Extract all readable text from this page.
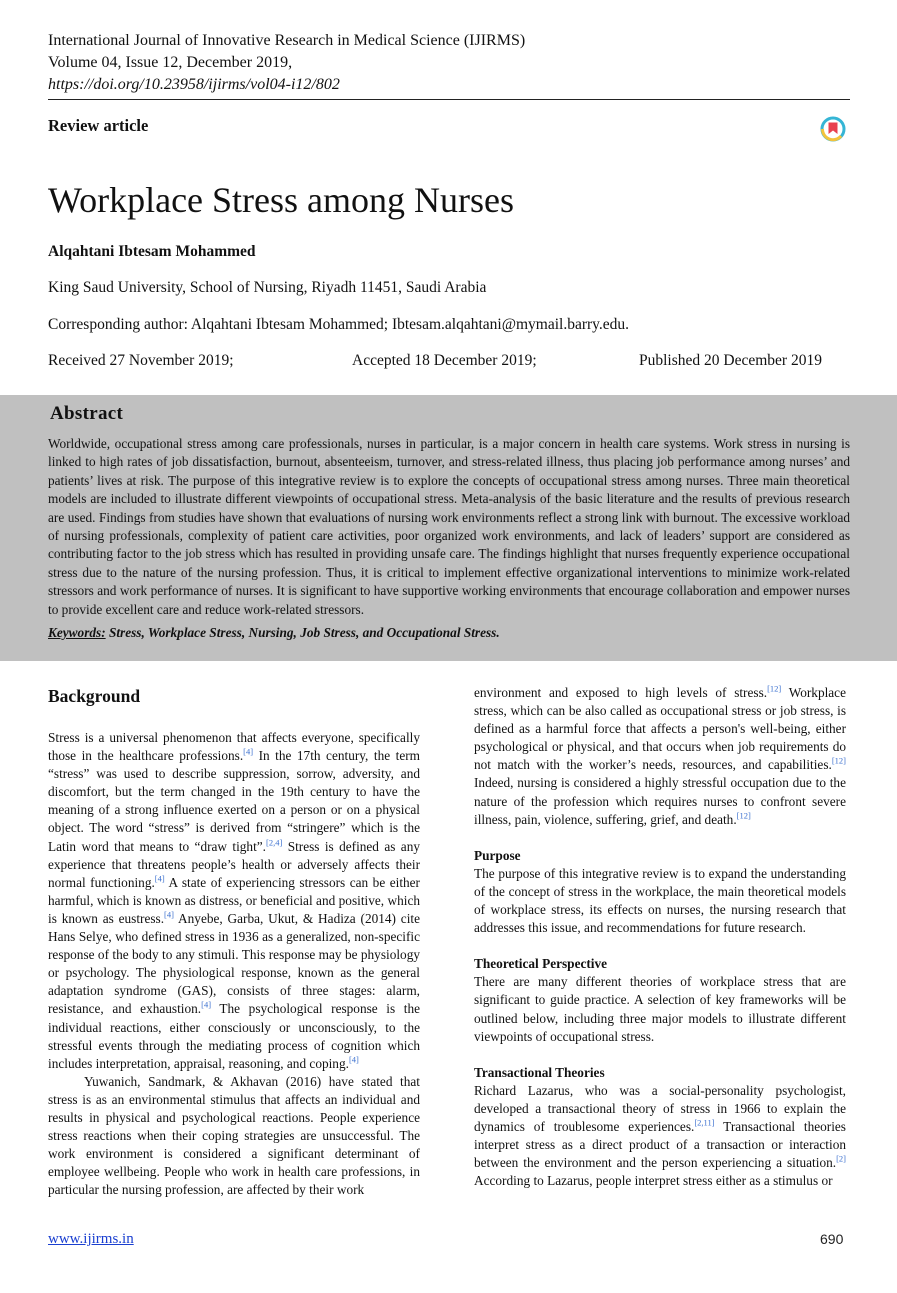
International Journal of Innovative Research in Medical Science (IJIRMS)
Volume 04, Issue 12, December 2019,
https://doi.org/10.23958/ijirms/vol04-i12/802
Review article
Workplace Stress among Nurses
Alqahtani Ibtesam Mohammed
King Saud University, School of Nursing, Riyadh 11451, Saudi Arabia
Corresponding author: Alqahtani Ibtesam Mohammed; Ibtesam.alqahtani@mymail.barry.edu.
Received 27 November 2019;	Accepted 18 December 2019;	Published 20 December 2019
Abstract

Worldwide, occupational stress among care professionals, nurses in particular, is a major concern in health care systems. Work stress in nursing is linked to high rates of job dissatisfaction, burnout, absenteeism, turnover, and stress-related illness, thus placing job performance among nurses’ and patients’ lives at risk. The purpose of this integrative review is to explore the concepts of occupational stress among nurses. Three main theoretical models are included to illustrate different viewpoints of occupational stress. Meta-analysis of the basic literature and the results of previous research are used. Findings from studies have shown that evaluations of nursing work environments reflect a strong link with burnout. The excessive workload of nursing professionals, complexity of patient care activities, poor organized work environments, and lack of leaders’ support are considered as contributing factor to the job stress which has resulted in providing unsafe care. The findings highlight that nurses frequently experience occupational stress due to the nature of the nursing profession. Thus, it is critical to implement effective organizational interventions to minimize work-related stressors and work performance of nurses. It is significant to have supportive working environments that encourage collaboration and empower nurses to provide excellent care and reduce work-related stressors.

Keywords: Stress, Workplace Stress, Nursing, Job Stress, and Occupational Stress.
Background

Stress is a universal phenomenon that affects everyone, specifically those in the healthcare professions.[4] In the 17th century, the term “stress” was used to describe suppression, sorrow, adversity, and discomfort, but the term changed in the 19th century to have the meaning of a strong influence exerted on a person or on a physical object. The word “stress” is derived from “stringere” which is the Latin word that means to “draw tight”.[2,4] Stress is defined as any experience that threatens people’s health or adversely affects their normal functioning.[4] A state of experiencing stressors can be either harmful, which is known as distress, or beneficial and positive, which is known as eustress.[4] Anyebe, Garba, Ukut, & Hadiza (2014) cite Hans Selye, who defined stress in 1936 as a generalized, non-specific response of the body to any stimuli. This response may be physiology or psychology. The physiological response, known as the general adaptation syndrome (GAS), consists of three stages: alarm, resistance, and exhaustion.[4] The psychological response is the individual reactions, either consciously or unconsciously, to the stressful events through the mediating process of cognition which includes interpretation, appraisal, reasoning, and coping.[4]

Yuwanich, Sandmark, & Akhavan (2016) have stated that stress is as an environmental stimulus that affects an individual and results in physical and psychological reactions. People experience stress reactions when their coping strategies are unsuccessful. The work environment is considered a significant determinant of employee wellbeing. People who work in health care professions, in particular the nursing profession, are affected by their work

environment and exposed to high levels of stress.[12] Workplace stress, which can be also called as occupational stress or job stress, is defined as a harmful force that affects a person's well-being, either psychological or physical, and that occurs when job requirements do not match with the worker’s needs, resources, and capabilities.[12] Indeed, nursing is considered a highly stressful occupation due to the nature of the profession which requires nurses to confront severe illness, pain, violence, suffering, grief, and death.[12]

Purpose

The purpose of this integrative review is to expand the understanding of the concept of stress in the workplace, the main theoretical models of workplace stress, its effects on nurses, the nursing research that addresses this issue, and recommendations for future research.

Theoretical Perspective

There are many different theories of workplace stress that are significant to guide practice. A selection of key frameworks will be outlined below, including three major models to illustrate different viewpoints of occupational stress.

Transactional Theories

Richard Lazarus, who was a social-personality psychologist, developed a transactional theory of stress in 1966 to explain the dynamics of troublesome experiences.[2,11] Transactional theories interpret stress as a direct product of a transaction or interaction between the environment and the person experiencing a situation.[2] According to Lazarus, people interpret stress either as a stimulus or

www.ijirms.in	690
